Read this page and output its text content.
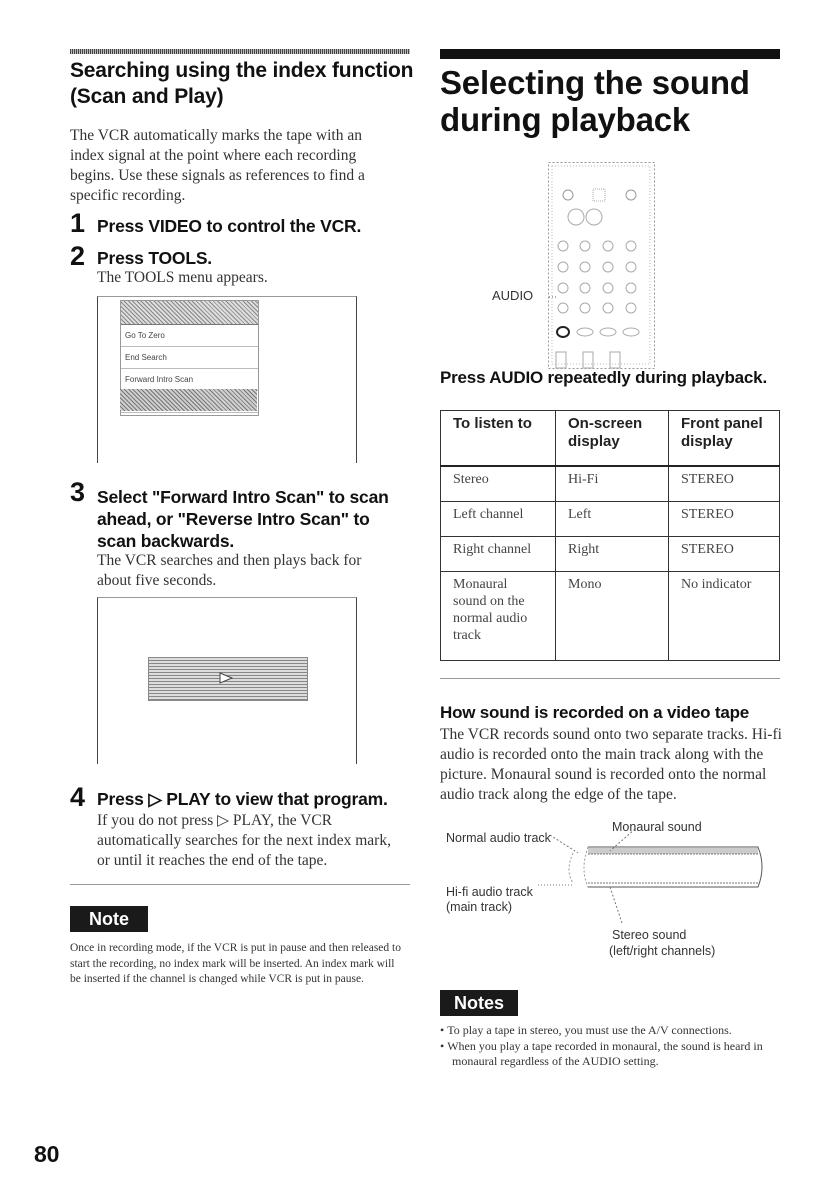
Searching using the index function (Scan and Play)
The VCR automatically marks the tape with an index signal at the point where each recording begins. Use these signals as references to find a specific recording.
1 Press VIDEO to control the VCR.
2 Press TOOLS.
The TOOLS menu appears.
Go To Zero
End Search
Forward Intro Scan
3 Select "Forward Intro Scan" to scan ahead, or "Reverse Intro Scan" to scan backwards.
The VCR searches and then plays back for about five seconds.
4 Press ▷ PLAY to view that program.
If you do not press ▷ PLAY, the VCR automatically searches for the next index mark, or until it reaches the end of the tape.
Note
Once in recording mode, if the VCR is put in pause and then released to start the recording, no index mark will be inserted. An index mark will be inserted if the channel is changed while VCR is put in pause.
Selecting the sound during playback
AUDIO
Press AUDIO repeatedly during playback.
To listen to	On-screen display	Front panel display
Stereo	Hi-Fi	STEREO
Left channel	Left	STEREO
Right channel	Right	STEREO
Monaural sound on the normal audio track	Mono	No indicator
How sound is recorded on a video tape
The VCR records sound onto two separate tracks. Hi-fi audio is recorded onto the main track along with the picture. Monaural sound is recorded onto the normal audio track along the edge of the tape.
Monaural sound
Normal audio track
Hi-fi audio track
(main track)
Stereo sound
(left/right channels)
Notes
• To play a tape in stereo, you must use the A/V connections.
• When you play a tape recorded in monaural, the sound is heard in monaural regardless of the AUDIO setting.
80
